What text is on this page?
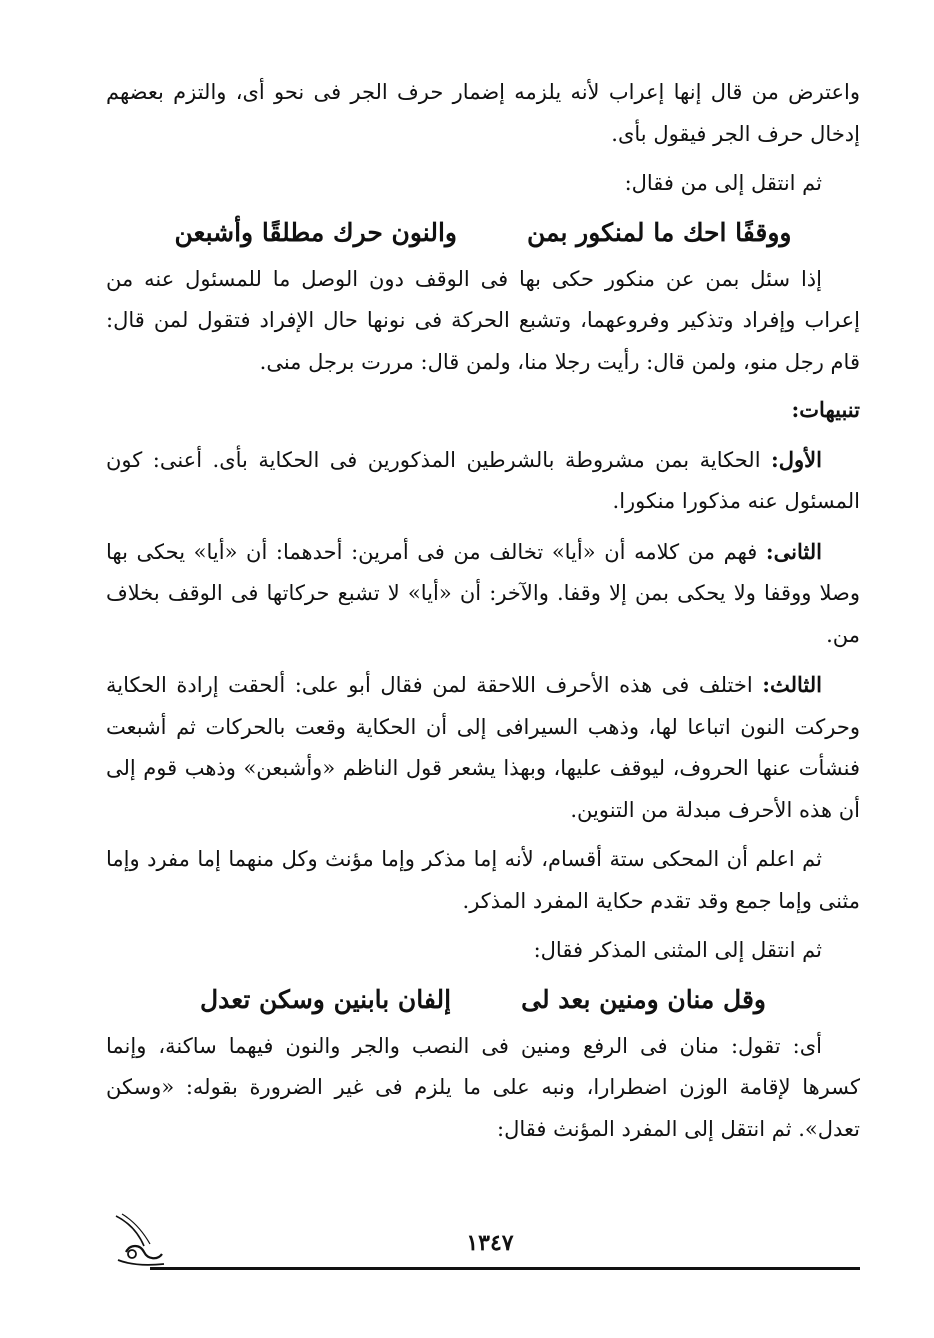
واعترض من قال إنها إعراب لأنه يلزمه إضمار حرف الجر فى نحو أى، والتزم بعضهم إدخال حرف الجر فيقول بأى.

ثم انتقل إلى من فقال:

ووقفًا احك ما لمنكور بمن
والنون حرك مطلقًا وأشبعن

إذا سئل بمن عن منكور حكى بها فى الوقف دون الوصل ما للمسئول عنه من إعراب وإفراد وتذكير وفروعهما، وتشبع الحركة فى نونها حال الإفراد فتقول لمن قال: قام رجل منو، ولمن قال: رأيت رجلا منا، ولمن قال: مررت برجل منى.

تنبيهات:

الأول: الحكاية بمن مشروطة بالشرطين المذكورين فى الحكاية بأى. أعنى: كون المسئول عنه مذكورا منكورا.

الثانى: فهم من كلامه أن «أيا» تخالف من فى أمرين: أحدهما: أن «أيا» يحكى بها وصلا ووقفا ولا يحكى بمن إلا وقفا. والآخر: أن «أيا» لا تشبع حركاتها فى الوقف بخلاف من.

الثالث: اختلف فى هذه الأحرف اللاحقة لمن فقال أبو على: ألحقت إرادة الحكاية وحركت النون اتباعا لها، وذهب السيرافى إلى أن الحكاية وقعت بالحركات ثم أشبعت فنشأت عنها الحروف، ليوقف عليها، وبهذا يشعر قول الناظم «وأشبعن» وذهب قوم إلى أن هذه الأحرف مبدلة من التنوين.

ثم اعلم أن المحكى ستة أقسام، لأنه إما مذكر وإما مؤنث وكل منهما إما مفرد وإما مثنى وإما جمع وقد تقدم حكاية المفرد المذكر.

ثم انتقل إلى المثنى المذكر فقال:

وقل منان ومنين بعد لى
إلفان بابنين وسكن تعدل

أى: تقول: منان فى الرفع ومنين فى النصب والجر والنون فيهما ساكنة، وإنما كسرها لإقامة الوزن اضطرارا، ونبه على ما يلزم فى غير الضرورة بقوله: «وسكن تعدل». ثم انتقل إلى المفرد المؤنث فقال:

١٣٤٧
